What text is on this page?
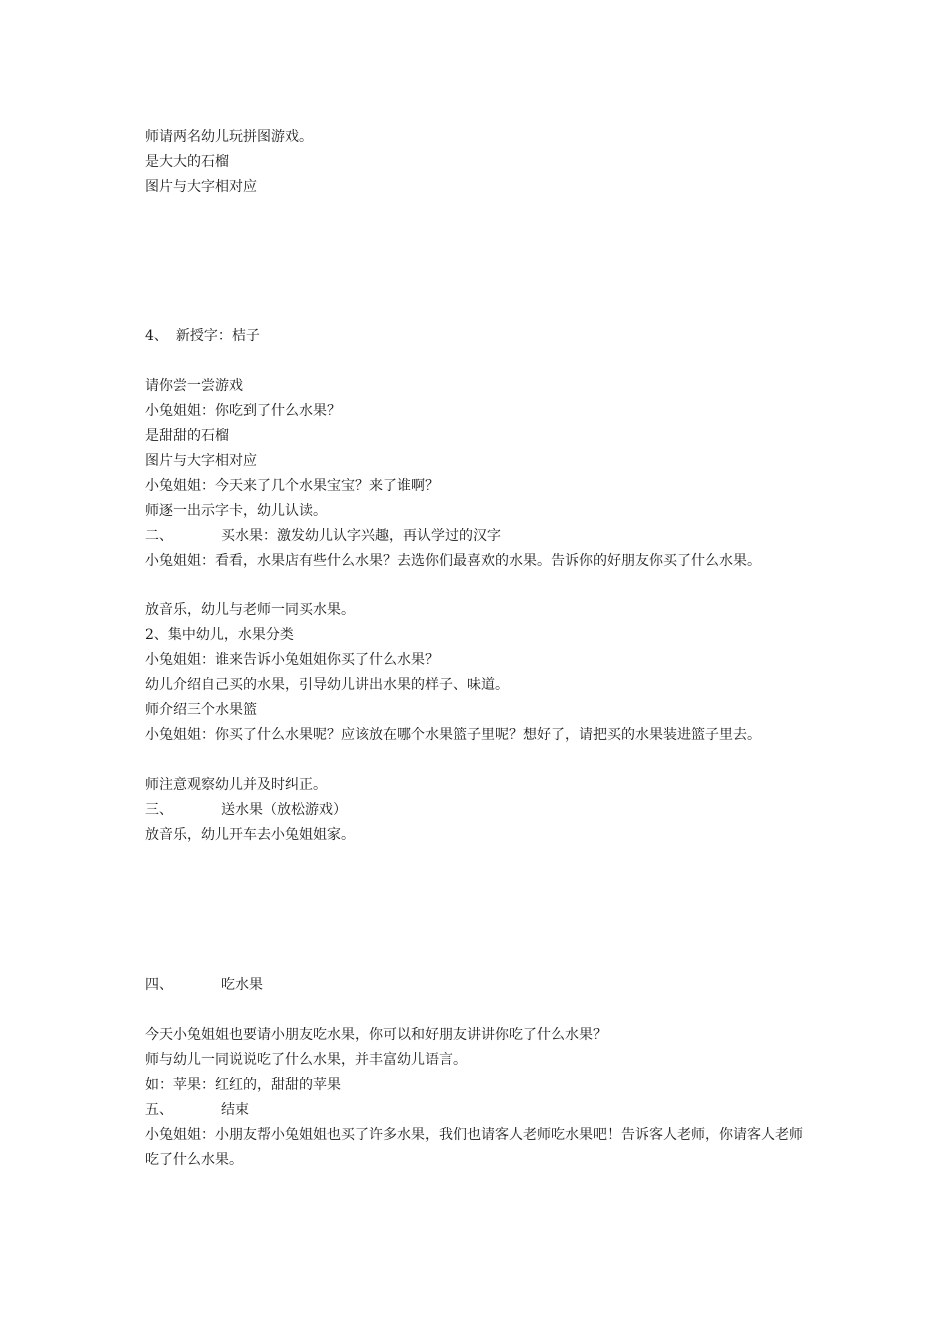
师请两名幼儿玩拼图游戏。
是大大的石榴
图片与大字相对应
4、 新授字：桔子
请你尝一尝游戏
小兔姐姐：你吃到了什么水果？
是甜甜的石榴
图片与大字相对应
小兔姐姐：今天来了几个水果宝宝？来了谁啊？
师逐一出示字卡，幼儿认读。
二、	买水果：激发幼儿认字兴趣，再认学过的汉字
小兔姐姐：看看，水果店有些什么水果？去选你们最喜欢的水果。告诉你的好朋友你买了什么水果。
放音乐，幼儿与老师一同买水果。
2、集中幼儿，水果分类
小兔姐姐：谁来告诉小兔姐姐你买了什么水果？
幼儿介绍自己买的水果，引导幼儿讲出水果的样子、味道。
师介绍三个水果篮
小兔姐姐：你买了什么水果呢？应该放在哪个水果篮子里呢？想好了，请把买的水果装进篮子里去。
师注意观察幼儿并及时纠正。
三、	送水果（放松游戏）
放音乐，幼儿开车去小兔姐姐家。
四、	吃水果
今天小兔姐姐也要请小朋友吃水果，你可以和好朋友讲讲你吃了什么水果？
师与幼儿一同说说吃了什么水果，并丰富幼儿语言。
如：苹果：红红的，甜甜的苹果
五、	结束
小兔姐姐：小朋友帮小兔姐姐也买了许多水果，我们也请客人老师吃水果吧！告诉客人老师，你请客人老师吃了什么水果。
